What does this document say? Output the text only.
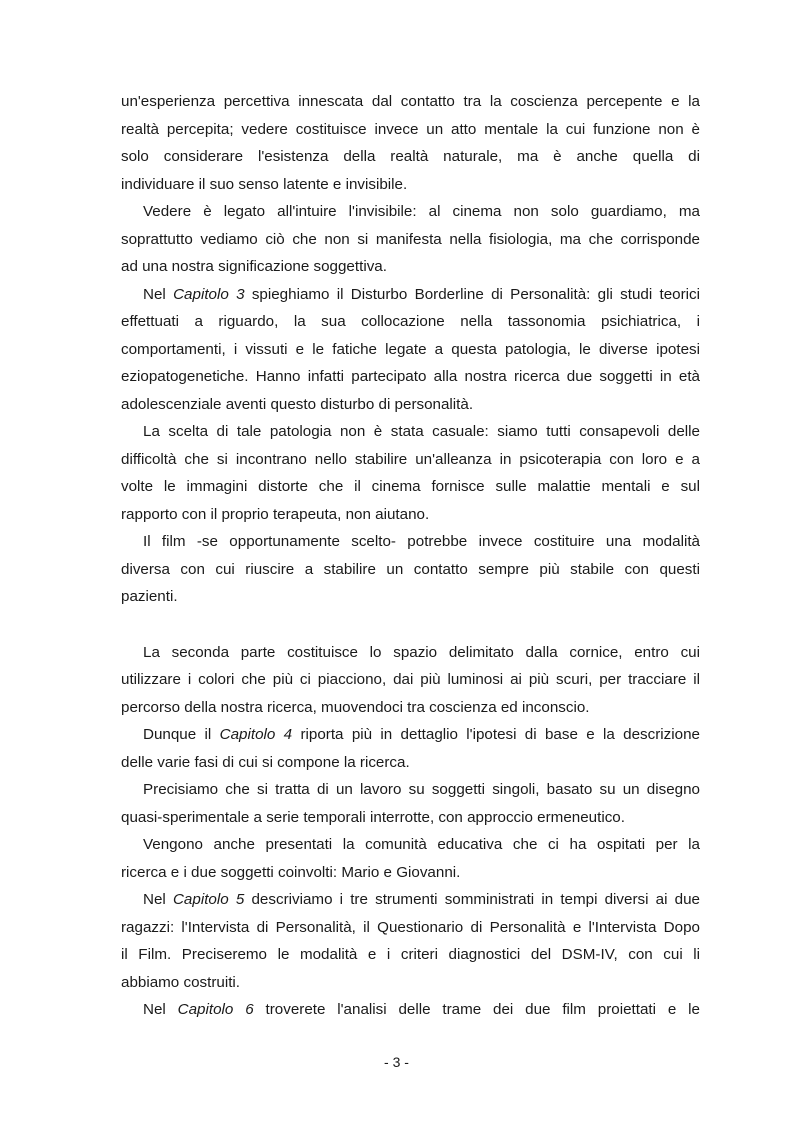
un'esperienza percettiva innescata dal contatto tra la coscienza percepente e la
realtà percepita; vedere costituisce invece un atto mentale la cui funzione non è
solo considerare l'esistenza della realtà naturale, ma è anche quella di
individuare il suo senso latente e invisibile.
Vedere è legato all'intuire l'invisibile: al cinema non solo guardiamo, ma
soprattutto vediamo ciò che non si manifesta nella fisiologia, ma che corrisponde
ad una nostra significazione soggettiva.
Nel Capitolo 3 spieghiamo il Disturbo Borderline di Personalità: gli studi teorici
effettuati a riguardo, la sua collocazione nella tassonomia psichiatrica, i
comportamenti, i vissuti e le fatiche legate a questa patologia, le diverse ipotesi
eziopatogenetiche. Hanno infatti partecipato alla nostra ricerca due soggetti in età
adolescenziale aventi questo disturbo di personalità.
La scelta di tale patologia non è stata casuale: siamo tutti consapevoli delle
difficoltà che si incontrano nello stabilire un'alleanza in psicoterapia con loro e a
volte le immagini distorte che il cinema fornisce sulle malattie mentali e sul
rapporto con il proprio terapeuta, non aiutano.
Il film -se opportunamente scelto- potrebbe invece costituire una modalità
diversa con cui riuscire a stabilire un contatto sempre più stabile con questi
pazienti.
La seconda parte costituisce lo spazio delimitato dalla cornice, entro cui
utilizzare i colori che più ci piacciono, dai più luminosi ai più scuri, per tracciare il
percorso della nostra ricerca, muovendoci tra coscienza ed inconscio.
Dunque il Capitolo 4 riporta più in dettaglio l'ipotesi di base e la descrizione
delle varie fasi di cui si compone la ricerca.
Precisiamo che si tratta di un lavoro su soggetti singoli, basato su un disegno
quasi-sperimentale a serie temporali interrotte, con approccio ermeneutico.
Vengono anche presentati la comunità educativa che ci ha ospitati per la
ricerca e i due soggetti coinvolti: Mario e Giovanni.
Nel Capitolo 5 descriviamo i tre strumenti somministrati in tempi diversi ai due
ragazzi: l'Intervista di Personalità, il Questionario di Personalità e l'Intervista Dopo
il Film. Preciseremo le modalità e i criteri diagnostici del DSM-IV, con cui li
abbiamo costruiti.
Nel Capitolo 6 troverete l'analisi delle trame dei due film proiettati e le
- 3 -
